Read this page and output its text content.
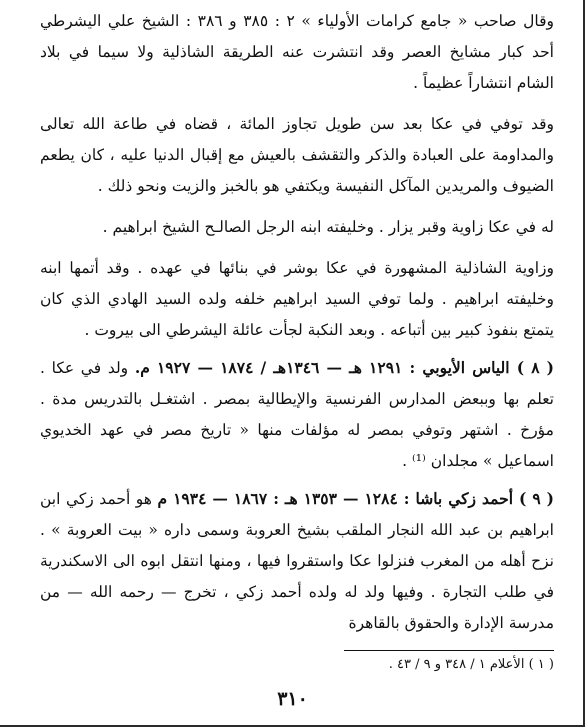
وقال صاحب « جامع كرامات الأولياء » ٢ : ٣٨٥ و ٣٨٦ : الشيخ علي اليشرطي أحد كبار مشايخ العصر وقد انتشرت عنه الطريقة الشاذلية ولا سيما في بلاد الشام انتشاراً عظيماً .

وقد توفي في عكا بعد سن طويل تجاوز المائة ، قضاه في طاعة الله تعالى والمداومة على العبادة والذكر والتقشف بالعيش مع إقبال الدنيا عليه ، كان يطعم الضيوف والمريدين المآكل النفيسة ويكتفي هو بالخبز والزيت ونحو ذلك .

له في عكا زاوية وقبر يزار . وخليفته ابنه الرجل الصالـح الشيخ ابراهيم .

وزاوية الشاذلية المشهورة في عكا بوشر في بنائها في عهده . وقد أتمها ابنه وخليفته ابراهيم . ولما توفي السيد ابراهيم خلفه ولده السيد الهادي الذي كان يتمتع بنفوذ كبير بين أتباعه . وبعد النكبة لجأت عائلة اليشرطي الى بيروت .

( ٨ ) الياس الأيوبي : ١٢٩١ هـ — ١٣٤٦هـ / ١٨٧٤ — ١٩٢٧ م. ولد في عكا . تعلم بها وببعض المدارس الفرنسية والإيطالية بمصر . اشتغـل بالتدريس مدة . مؤرخ . اشتهر وتوفي بمصر له مؤلفات منها « تاريخ مصر في عهد الخديوي اسماعيل » مجلدان ⁽¹⁾ .

( ٩ ) أحمد زكي باشا : ١٢٨٤ — ١٣٥٣ هـ : ١٨٦٧ — ١٩٣٤ م هو أحمد زكي ابن ابراهيم بن عبد الله النجار الملقب بشيخ العروبة وسمى داره « بيت العروبة » . نزح أهله من المغرب فنزلوا عكا واستقروا فيها ، ومنها انتقل ابوه الى الاسكندرية في طلب التجارة . وفيها ولد له ولده أحمد زكي ، تخرج — رحمه الله — من مدرسة الإدارة والحقوق بالقاهرة

( ١ ) الأعلام ١ / ٣٤٨ و ٩ / ٤٣ .
٣١٠
